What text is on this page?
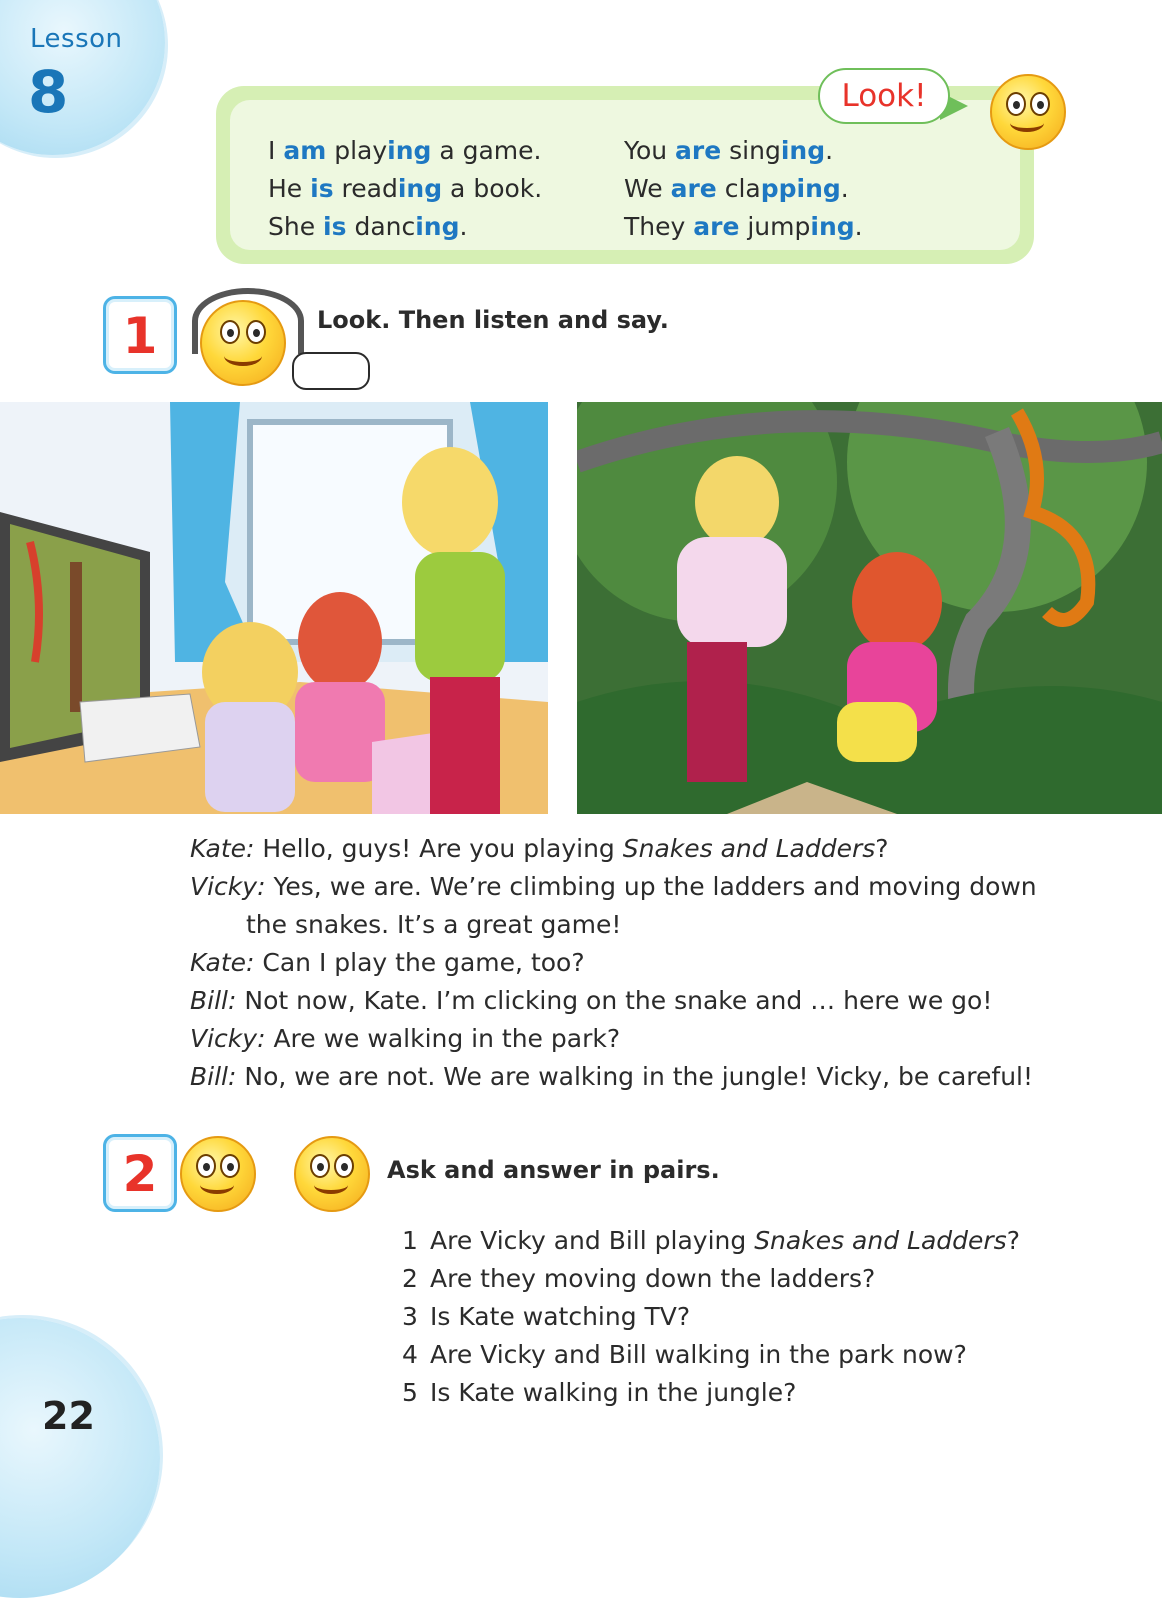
Lesson
8
I am playing a game.
He is reading a book.
She is dancing.
You are singing.
We are clapping.
They are jumping.
Look!
1	Look. Then listen and say.
Kate: Hello, guys! Are you playing Snakes and Ladders?
Vicky: Yes, we are. We’re climbing up the ladders and moving down
the snakes. It’s a great game!
Kate: Can I play the game, too?
Bill: Not now, Kate. I’m clicking on the snake and … here we go!
Vicky: Are we walking in the park?
Bill: No, we are not. We are walking in the jungle! Vicky, be careful!
2	Ask and answer in pairs.
1 Are Vicky and Bill playing Snakes and Ladders?
2 Are they moving down the ladders?
3 Is Kate watching TV?
4 Are Vicky and Bill walking in the park now?
5 Is Kate walking in the jungle?
22
